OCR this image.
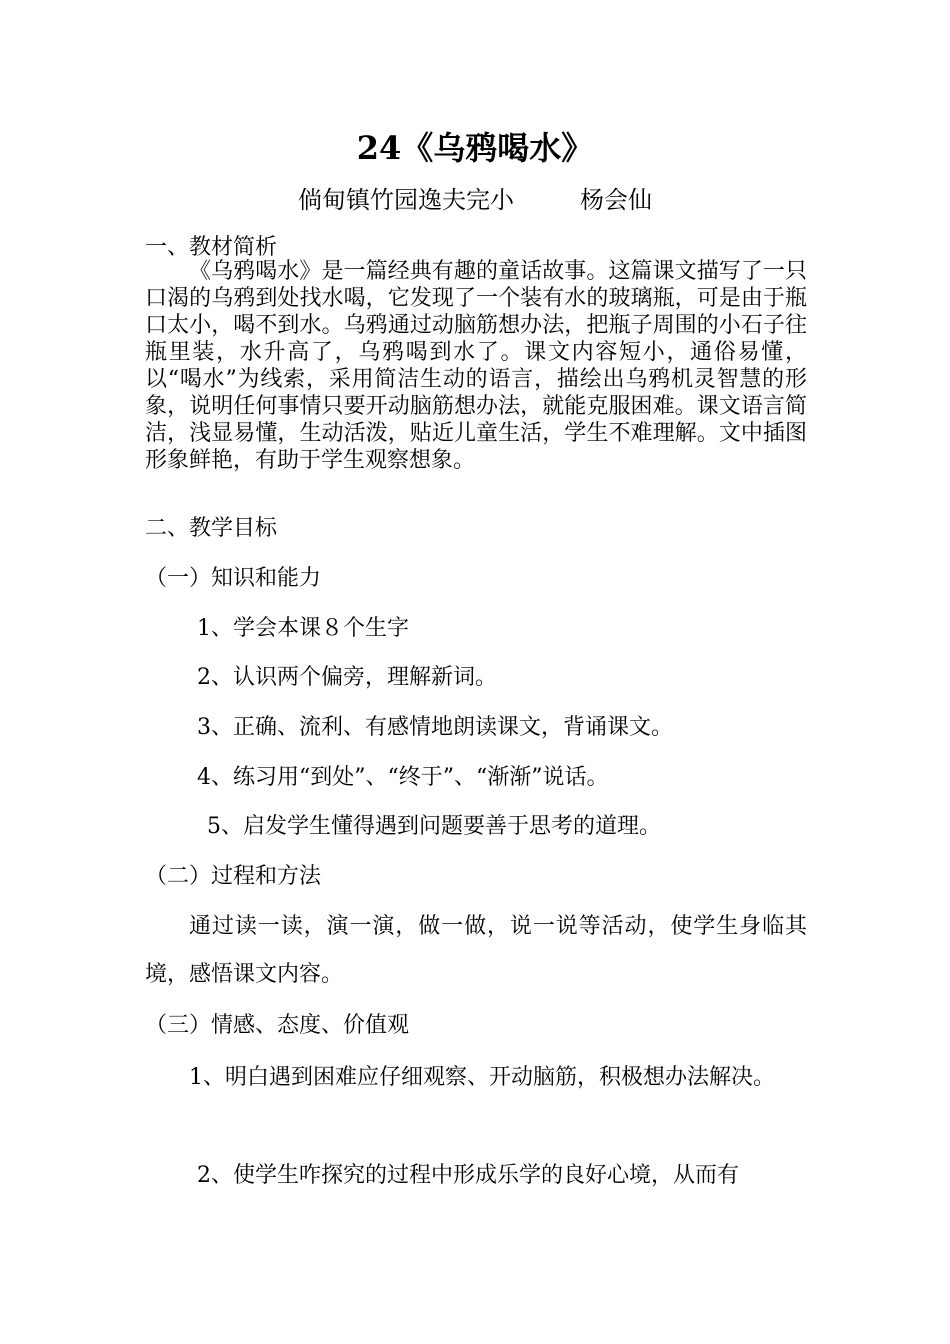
24《乌鸦喝水》
倘甸镇竹园逸夫完小	杨会仙
一、教材简析
《乌鸦喝水》是一篇经典有趣的童话故事。这篇课文描写了一只口渴的乌鸦到处找水喝，它发现了一个装有水的玻璃瓶，可是由于瓶口太小，喝不到水。乌鸦通过动脑筋想办法，把瓶子周围的小石子往瓶里装，水升高了，乌鸦喝到水了。课文内容短小，通俗易懂，以“喝水”为线索，采用简洁生动的语言，描绘出乌鸦机灵智慧的形象，说明任何事情只要开动脑筋想办法，就能克服困难。课文语言简洁，浅显易懂，生动活泼，贴近儿童生活，学生不难理解。文中插图形象鲜艳，有助于学生观察想象。
二、教学目标
（一）知识和能力
1、学会本课８个生字
2、认识两个偏旁，理解新词。
3、正确、流利、有感情地朗读课文，背诵课文。
4、练习用“到处”、“终于”、“渐渐”说话。
5、启发学生懂得遇到问题要善于思考的道理。
（二）过程和方法
通过读一读，演一演，做一做，说一说等活动，使学生身临其境，感悟课文内容。
（三）情感、态度、价值观
1、明白遇到困难应仔细观察、开动脑筋，积极想办法解决。
2、使学生咋探究的过程中形成乐学的良好心境，从而有
